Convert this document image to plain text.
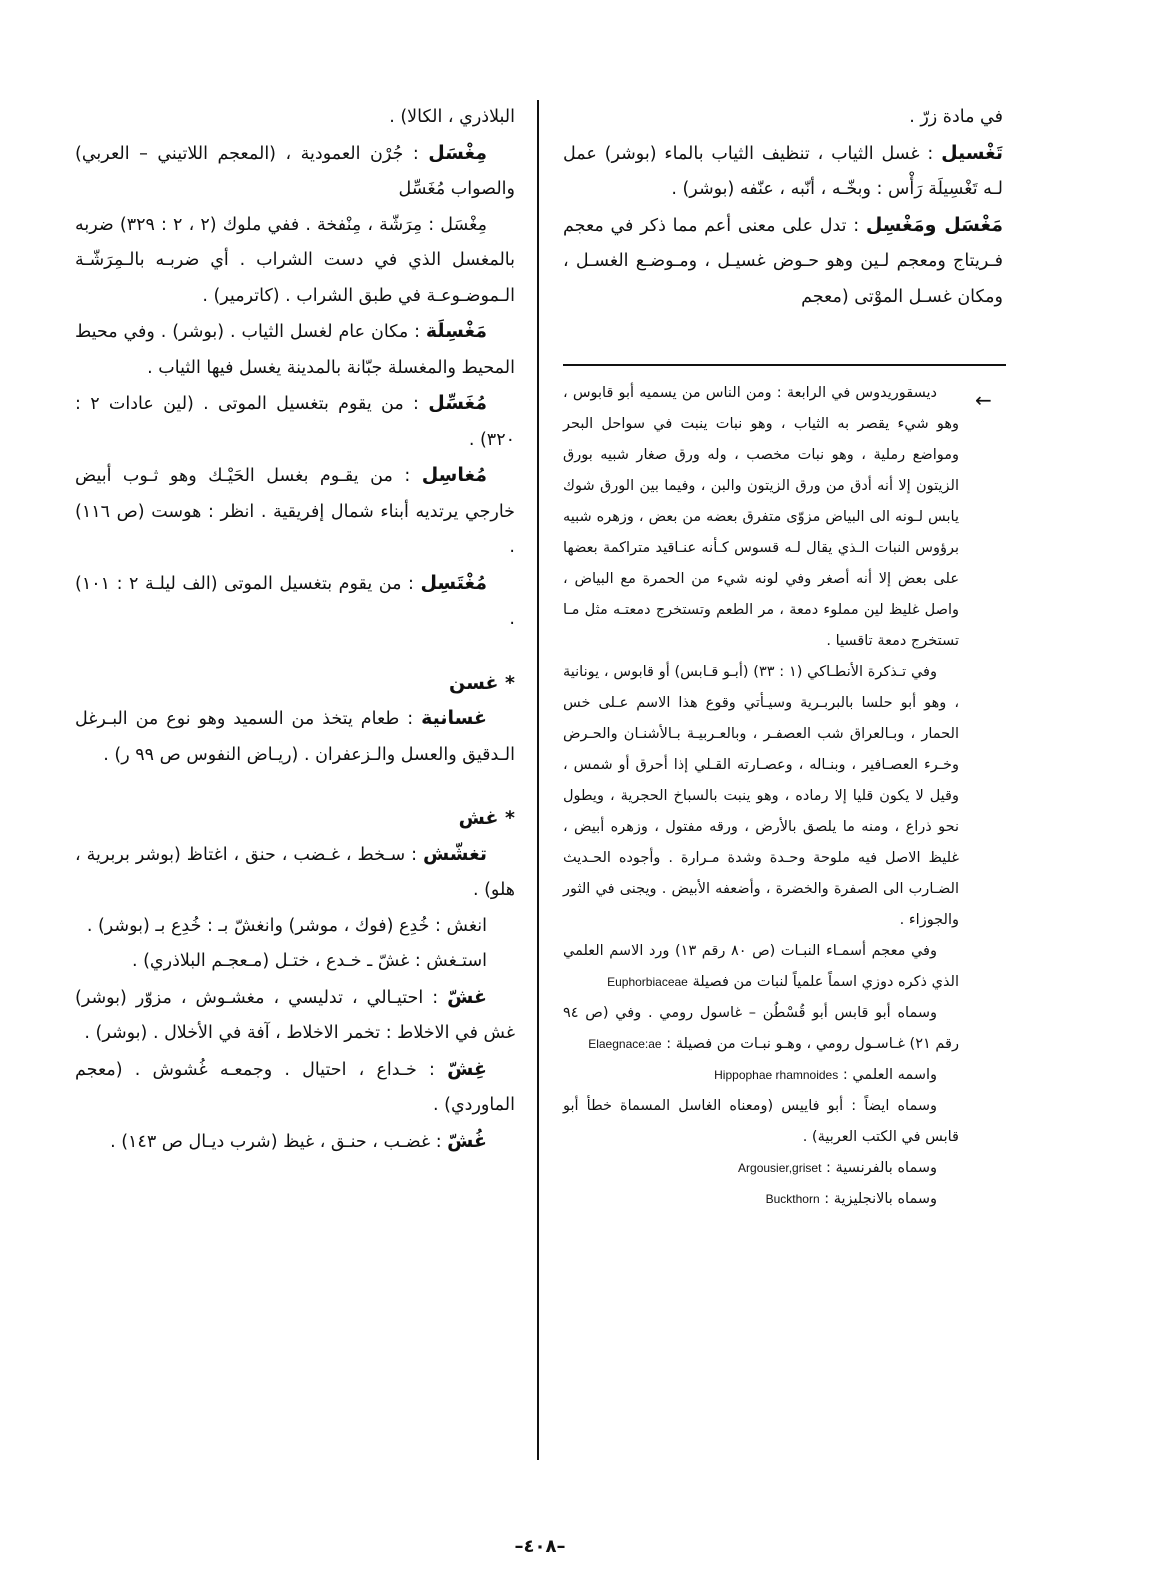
في مادة زرّ .

تَغْسيل : غسل الثياب ، تنظيف الثياب بالماء (بوشر) عمل لـه تَغْسِيلَة رَأْس : وبخّـه ، أنّبه ، عنّفه (بوشر) .

مَغْسَل ومَغْسِل : تدل على معنى أعم مما ذكر في معجم فـريتاج ومعجم لـين وهو حـوض غسيـل ، ومـوضـع الغسـل ، ومكان غسـل الموْتى (معجم

←

ديسقوريدوس في الرابعة : ومن الناس من يسميه أبو قابوس ، وهو شيء يقصر به الثياب ، وهو نبات ينبت في سواحل البحر ومواضع رملية ، وهو نبات مخصب ، وله ورق صغار شبيه بورق الزيتون إلا أنه أدق من ورق الزيتون والبن ، وفيما بين الورق شوك يابس لـونه الى البياض مزوّى متفرق بعضه من بعض ، وزهره شبيه برؤوس النبات الـذي يقال لـه قسوس كـأنه عنـاقيد متراكمة بعضها على بعض إلا أنه أصغر وفي لونه شيء من الحمرة مع البياض ، واصل غليظ لين مملوء دمعة ، مر الطعم وتستخرج دمعتـه مثل مـا تستخرج دمعة تاقسيا .

وفي تـذكرة الأنطـاكي (١ : ٣٣) (أبـو قـابس) أو قابوس ، يونانية ، وهو أبو حلسا بالبربـرية وسيـأتي وقوع هذا الاسم عـلى خس الحمار ، وبـالعراق شب العصفـر ، وبالعـربيـة بـالأشنـان والحـرض وخـرء العصـافير ، وبنـاله ، وعصـارته القـلي إذا أحرق أو شمس ، وقيل لا يكون قليا إلا رماده ، وهو ينبت بالسباخ الحجرية ، ويطول نحو ذراع ، ومنه ما يلصق بالأرض ، ورقه مفتول ، وزهره أبيض ، غليظ الاصل فيه ملوحة وحـدة وشدة مـرارة . وأجوده الحـديث الضـارب الى الصفرة والخضرة ، وأضعفه الأبيض . ويجنى في الثور والجوزاء .

وفي معجم أسمـاء النبـات (ص ٨٠ رقم ١٣) ورد الاسم العلمي الذي ذكره دوزي اسماً علمياً لنبات من فصيلة Euphorbiaceae

وسماه أبو قابس أبو قُسْطُن – غاسول رومي . وفي (ص ٩٤ رقم ٢١) غـاسـول رومي ، وهـو نبـات من فصيلة : Elaegnace:ae

واسمه العلمي : Hippophae rhamnoides

وسماه ايضاً : أبو فاييس (ومعناه الغاسل المسماة خطأ أبو قابس في الكتب العربية) .

وسماه بالفرنسية : Argousier,griset

وسماه بالانجليزية : Buckthorn

البلاذري ، الكالا) .

مِغْسَل : جُرْن العمودية ، (المعجم اللاتيني – العربي) والصواب مُغَسِّل

مِغْسَل : مِرَشّة ، مِنْفخة . ففي ملوك (٢ ، ٢ : ٣٢٩) ضربه بالمغسل الذي في دست الشراب . أي ضربـه بالـمِرَشّـة الـموضـوعـة في طبق الشراب . (كاترمير) .

مَغْسِلَة : مكان عام لغسل الثياب . (بوشر) . وفي محيط المحيط والمغسلة جبّانة بالمدينة يغسل فيها الثياب .

مُغَسِّل : من يقوم بتغسيل الموتى . (لين عادات ٢ : ٣٢٠) .

مُغاسِل : من يقـوم بغسل الحَيْـك وهو ثـوب أبيض خارجي يرتديه أبناء شمال إفريقية . انظر : هوست (ص ١١٦) .

مُغْتَسِل : من يقوم بتغسيل الموتى (الف ليلـة ٢ : ١٠١) .

* غسن

غسانية : طعام يتخذ من السميد وهو نوع من البـرغل الـدقيق والعسل والـزعفران . (ريـاض النفوس ص ٩٩ ر) .

* غش

تغشّش : سـخط ، غـضب ، حنق ، اغتاظ (بوشر بربرية ، هلو) .

انغش : خُدِع (فوك ، موشر) وانغشّ بـ : خُدِع بـ (بوشر) .

استـغش : غشّ ـ خـدع ، ختـل (مـعجـم البلاذري) .

غشّ : احتيـالي ، تدليسي ، مغشـوش ، مزوّر (بوشر) غش في الاخلاط : تخمر الاخلاط ، آفة في الأخلال . (بوشر) .

غِشّ : خـداع ، احتيال . وجمعـه غُشوش . (معجم الماوردي) .

غُشّ : غضـب ، حنـق ، غيظ (شرب ديـال ص ١٤٣) .

–٤٠٨–
